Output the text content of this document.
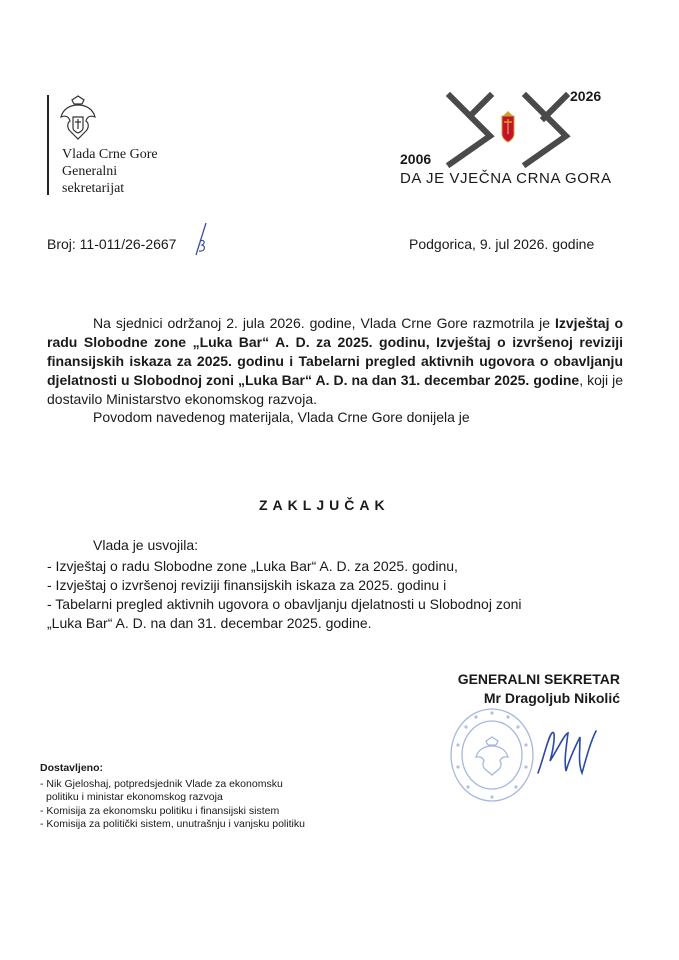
Vlada Crne Gore
Generalni
sekretarijat
2026
2006
DA JE VJEČNA CRNA GORA
Broj: 11-011/26-2667	Podgorica, 9. jul 2026. godine

Na sjednici održanoj 2. jula 2026. godine, Vlada Crne Gore razmotrila je Izvještaj o radu Slobodne zone „Luka Bar“ A. D. za 2025. godinu, Izvještaj o izvršenoj reviziji finansijskih iskaza za 2025. godinu i Tabelarni pregled aktivnih ugovora o obavljanju djelatnosti u Slobodnoj zoni „Luka Bar“ A. D. na dan 31. decembar 2025. godine, koji je dostavilo Ministarstvo ekonomskog razvoja.

Povodom navedenog materijala, Vlada Crne Gore donijela je
ZAKLJUČAK
Vlada je usvojila:
- Izvještaj o radu Slobodne zone „Luka Bar“ A. D. za 2025. godinu,
- Izvještaj o izvršenoj reviziji finansijskih iskaza za 2025. godinu i
- Tabelarni pregled aktivnih ugovora o obavljanju djelatnosti u Slobodnoj zoni
„Luka Bar“ A. D. na dan 31. decembar 2025. godine.
GENERALNI SEKRETAR
Mr Dragoljub Nikolić
Dostavljeno:
- Nik Gjeloshaj, potpredsjednik Vlade za ekonomsku
politiku i ministar ekonomskog razvoja
- Komisija za ekonomsku politiku i finansijski sistem
- Komisija za politički sistem, unutrašnju i vanjsku politiku
